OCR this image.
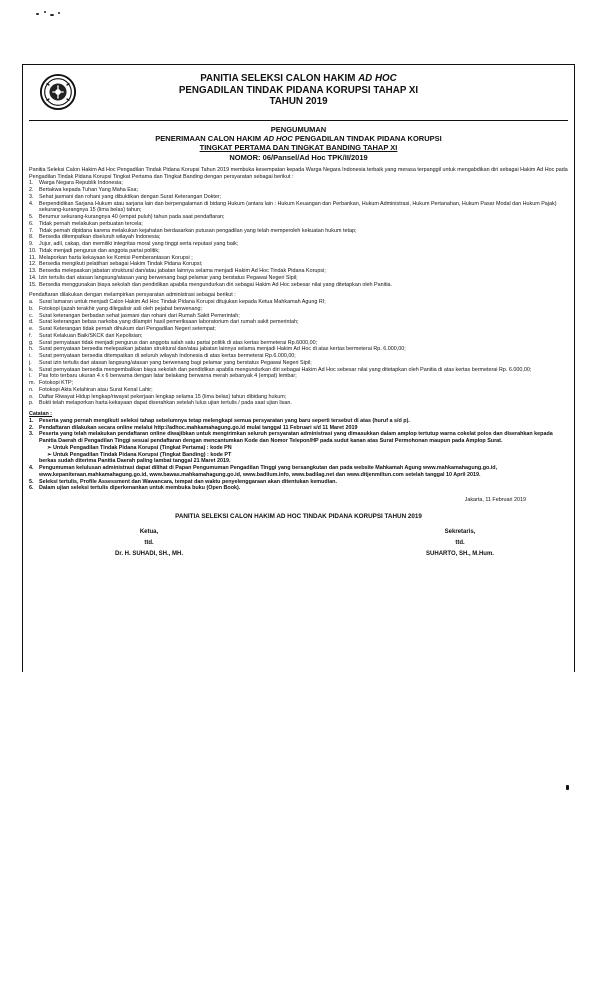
PANITIA SELEKSI CALON HAKIM AD HOC
PENGADILAN TINDAK PIDANA KORUPSI TAHAP XI
TAHUN 2019
PENGUMUMAN
PENERIMAAN CALON HAKIM AD HOC PENGADILAN TINDAK PIDANA KORUPSI
TINGKAT PERTAMA DAN TINGKAT BANDING TAHAP XI
NOMOR: 06/Pansel/Ad Hoc TPK/II/2019

Panitia Seleksi Calon Hakim Ad Hoc Pengadilan Tindak Pidana Korupsi Tahun 2019 membuka kesempatan kepada Warga Negara Indonesia terbaik yang merasa terpanggil untuk mengabdikan diri sebagai Hakim Ad Hoc pada Pengadilan Tindak Pidana Korupsi Tingkat Pertama dan Tingkat Banding dengan persyaratan sebagai berikut :

1.	Warga Negara Republik Indonesia;
2.	Bertakwa kepada Tuhan Yang Maha Esa;
3.	Sehat jasmani dan rohani yang dibuktikan dengan Surat Keterangan Dokter;
4.	Berpendidikan Sarjana Hukum atau sarjana lain dan berpengalaman di bidang Hukum (antara lain : Hukum Keuangan dan Perbankan, Hukum Administrasi, Hukum Pertanahan, Hukum Pasar Modal dan Hukum Pajak) sekurang-kurangnya 15 (lima belas) tahun;
5.	Berumur sekurang-kurangnya 40 (empat puluh) tahun pada saat pendaftaran;
6.	Tidak pernah melakukan perbuatan tercela;
7.	Tidak pernah dipidana karena melakukan kejahatan berdasarkan putusan pengadilan yang telah memperoleh kekuatan hukum tetap;
8.	Bersedia ditempatkan diseluruh wilayah Indonesia;
9.	Jujur, adil, cakap, dan memiliki integritas moral yang tinggi serta reputasi yang baik;
10. Tidak menjadi pengurus dan anggota partai politik;
11. Melaporkan harta kekayaan ke Komisi Pemberantasan Korupsi ;
12. Bersedia mengikuti pelatihan sebagai Hakim Tindak Pidana Korupsi;
13. Bersedia melepaskan jabatan struktural dan/atau jabatan lainnya selama menjadi Hakim Ad Hoc Tindak Pidana Korupsi;
14. Izin tertulis dari atasan langsung/atasan yang berwenang bagi pelamar yang berstatus Pegawai Negeri Sipil;
15. Bersedia menggunakan biaya sekolah dan pendidikan apabila mengundurkan diri sebagai Hakim Ad Hoc sebesar nilai yang ditetapkan oleh Panitia.

Pendaftaran dilakukan dengan melampirkan persyaratan administrasi sebagai berikut :

a.	Surat lamaran untuk menjadi Calon Hakim Ad Hoc Tindak Pidana Korupsi ditujukan kepada Ketua Mahkamah Agung RI;
b.	Fotokopi ijazah terakhir yang dilegalisir asli oleh pejabat berwenang;
c.	Surat keterangan berbadan sehat jasmani dan rohani dari Rumah Sakit Pemerintah;
d.	Surat keterangan bebas narkoba yang dilampiri hasil pemeriksaan laboratorium dari rumah sakit pemerintah;
e.	Surat Keterangan tidak pernah dihukum dari Pengadilan Negeri setempat;
f.	Surat Kelakuan Baik/SKCK dari Kepolisian;
g.	Surat pernyataan tidak menjadi pengurus dan anggota salah satu partai politik di atas kertas bermeterai Rp.6000,00;
h.	Surat pernyataan bersedia melepaskan jabatan struktural dan/atau jabatan lainnya selama menjadi Hakim Ad Hoc di atas kertas bermeterai Rp. 6.000,00;
i.	Surat pernyataan bersedia ditempatkan di seluruh wilayah Indonesia di atas kertas bermeterai Rp.6.000,00;
j.	Surat izin tertulis dari atasan langsung/atasan yang berwenang bagi pelamar yang berstatus Pegawai Negeri Sipil;
k.	Surat pernyataan bersedia mengembalikan biaya sekolah dan pendidikan apabila mengundurkan diri sebagai Hakim Ad Hoc sebesar nilai yang ditetapkan oleh Panitia di atas kertas bermeterai Rp. 6.000,00;
l.	Pas foto terbaru ukuran 4 x 6 berwarna dengan latar belakang berwarna merah sebanyak 4 (empat) lembar;
m. Fotokopi KTP;
n.	Fotokopi Akta Kelahiran atau Surat Kenal Lahir;
o.	Daftar Riwayat Hidup lengkap/riwayat pekerjaan lengkap selama 15 (lima belas) tahun dibidang hukum;
p.	Bukti telah melaporkan harta kekayaan dapat diserahkan setelah lulus ujian tertulis / pada saat ujian lisan.

Catatan :

1.	Peserta yang pernah mengikuti seleksi tahap sebelumnya tetap melengkapi semua persyaratan yang baru seperti tersebut di atas (huruf a s/d p).
2.	Pendaftaran dilakukan secara online melalui http://adhoc.mahkamahagung.go.id mulai tanggal 11 Februari s/d 11 Maret 2019
3.	Peserta yang telah melakukan pendaftaran online diwajibkan untuk mengirimkan seluruh persyaratan administrasi yang dimasukkan dalam amplop tertutup warna cokelat polos dan diserahkan kepada Panitia Daerah di Pengadilan Tinggi sesuai pendaftaran dengan mencantumkan Kode dan Nomor Telepon/HP pada sudut kanan atas Surat Permohonan maupun pada Amplop Surat.
➢ Untuk Pengadilan Tindak Pidana Korupsi (Tingkat Pertama) : kode PN
➢ Untuk Pengadilan Tindak Pidana Korupsi (Tingkat Banding) : kode PT
berkas sudah diterima Panitia Daerah paling lambat tanggal 21 Maret 2019.
4.	Pengumuman kelulusan administrasi dapat dilihat di Papan Pengumuman Pengadilan Tinggi yang bersangkutan dan pada website Mahkamah Agung www.mahkamahagung.go.id, www.kepaniteraan.mahkamahagung.go.id, www.bawas.mahkamahagung.go.id, www.badilum.info, www.badilag.net dan www.ditjenmiltun.com setelah tanggal 10 April 2019.
5.	Seleksi tertulis, Profile Assessment dan Wawancara, tempat dan waktu penyelenggaraan akan ditentukan kemudian.
6.	Dalam ujian seleksi tertulis diperkenankan untuk membuka buku (Open Book).
Jakarta, 11 Februari 2019
PANITIA SELEKSI CALON HAKIM AD HOC TINDAK PIDANA KORUPSI TAHUN 2019
Ketua,
ttd.
Dr. H. SUHADI, SH., MH.
Sekretaris,
ttd.
SUHARTO, SH., M.Hum.
